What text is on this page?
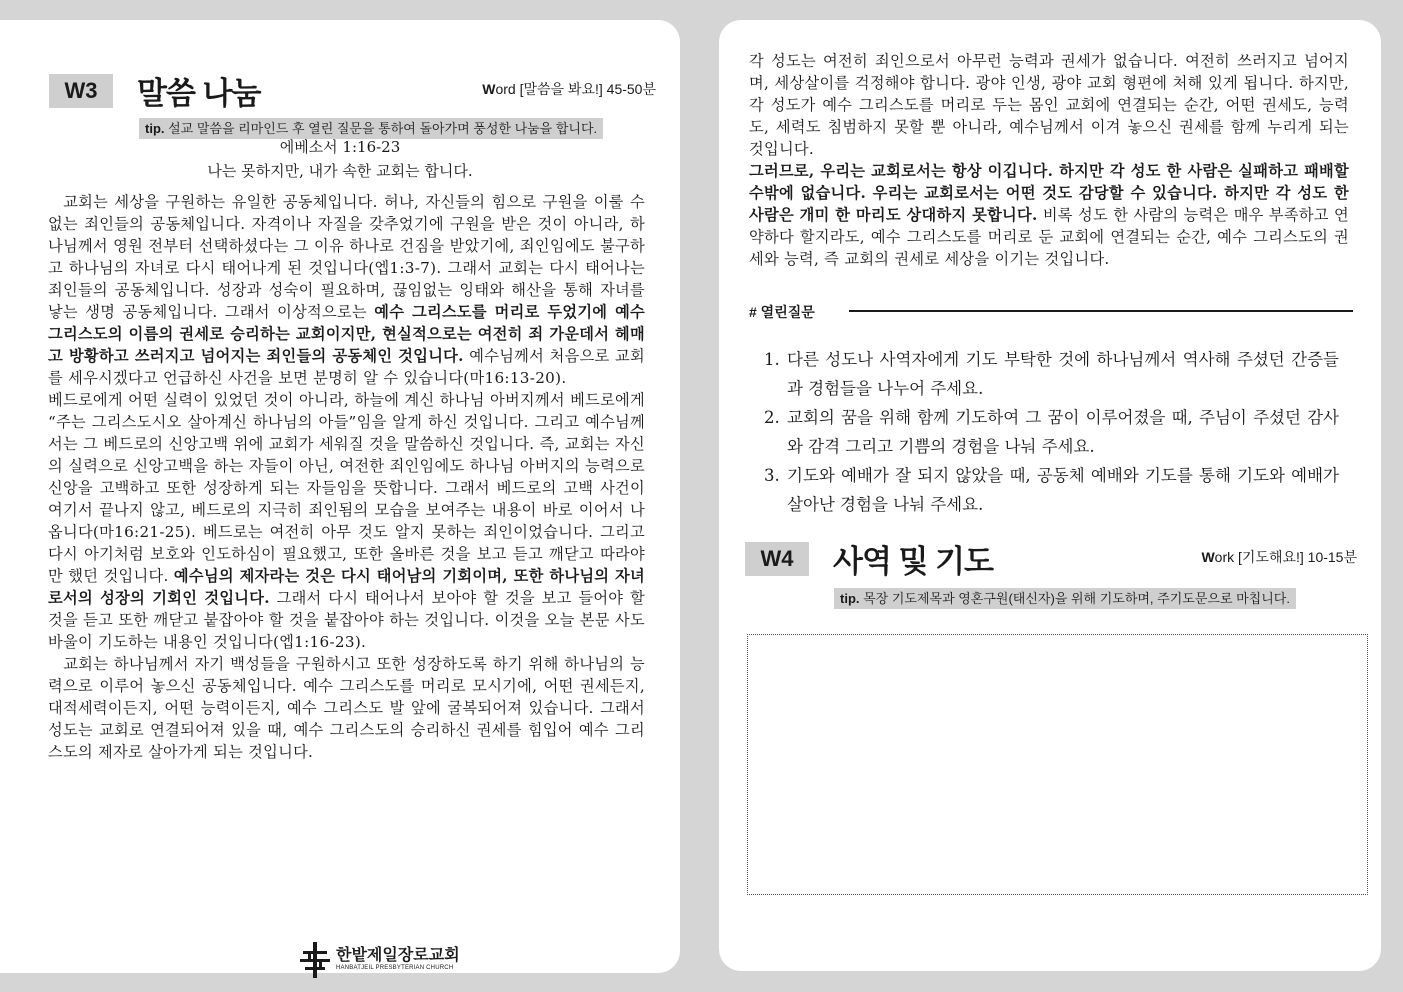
W3	말씀 나눔	Word [말씀을 봐요!] 45-50분
tip. 설교 말씀을 리마인드 후 열린 질문을 통하여 돌아가며 풍성한 나눔을 합니다.
에베소서 1:16-23
나는 못하지만, 내가 속한 교회는 합니다.

교회는 세상을 구원하는 유일한 공동체입니다. 허나, 자신들의 힘으로 구원을 이룰 수 없는 죄인들의 공동체입니다. 자격이나 자질을 갖추었기에 구원을 받은 것이 아니라, 하나님께서 영원 전부터 선택하셨다는 그 이유 하나로 건짐을 받았기에, 죄인임에도 불구하고 하나님의 자녀로 다시 태어나게 된 것입니다(엡1:3-7). 그래서 교회는 다시 태어나는 죄인들의 공동체입니다. 성장과 성숙이 필요하며, 끊임없는 잉태와 해산을 통해 자녀를 낳는 생명 공동체입니다. 그래서 이상적으로는 예수 그리스도를 머리로 두었기에 예수 그리스도의 이름의 권세로 승리하는 교회이지만, 현실적으로는 여전히 죄 가운데서 헤매고 방황하고 쓰러지고 넘어지는 죄인들의 공동체인 것입니다. 예수님께서 처음으로 교회를 세우시겠다고 언급하신 사건을 보면 분명히 알 수 있습니다(마16:13-20).

베드로에게 어떤 실력이 있었던 것이 아니라, 하늘에 계신 하나님 아버지께서 베드로에게 “주는 그리스도시오 살아계신 하나님의 아들”임을 알게 하신 것입니다. 그리고 예수님께서는 그 베드로의 신앙고백 위에 교회가 세워질 것을 말씀하신 것입니다. 즉, 교회는 자신의 실력으로 신앙고백을 하는 자들이 아닌, 여전한 죄인임에도 하나님 아버지의 능력으로 신앙을 고백하고 또한 성장하게 되는 자들임을 뜻합니다. 그래서 베드로의 고백 사건이 여기서 끝나지 않고, 베드로의 지극히 죄인됨의 모습을 보여주는 내용이 바로 이어서 나옵니다(마16:21-25). 베드로는 여전히 아무 것도 알지 못하는 죄인이었습니다. 그리고 다시 아기처럼 보호와 인도하심이 필요했고, 또한 올바른 것을 보고 듣고 깨닫고 따라야만 했던 것입니다. 예수님의 제자라는 것은 다시 태어남의 기회이며, 또한 하나님의 자녀로서의 성장의 기회인 것입니다. 그래서 다시 태어나서 보아야 할 것을 보고 들어야 할 것을 듣고 또한 깨닫고 붙잡아야 할 것을 붙잡아야 하는 것입니다. 이것을 오늘 본문 사도 바울이 기도하는 내용인 것입니다(엡1:16-23).

교회는 하나님께서 자기 백성들을 구원하시고 또한 성장하도록 하기 위해 하나님의 능력으로 이루어 놓으신 공동체입니다. 예수 그리스도를 머리로 모시기에, 어떤 권세든지, 대적세력이든지, 어떤 능력이든지, 예수 그리스도 발 앞에 굴복되어져 있습니다. 그래서 성도는 교회로 연결되어져 있을 때, 예수 그리스도의 승리하신 권세를 힘입어 예수 그리스도의 제자로 살아가게 되는 것입니다.

한밭제일장로교회
HANBATJEIL PRESBYTERIAN CHURCH

각 성도는 여전히 죄인으로서 아무런 능력과 권세가 없습니다. 여전히 쓰러지고 넘어지며, 세상살이를 걱정해야 합니다. 광야 인생, 광야 교회 형편에 처해 있게 됩니다. 하지만, 각 성도가 예수 그리스도를 머리로 두는 몸인 교회에 연결되는 순간, 어떤 권세도, 능력도, 세력도 침범하지 못할 뿐 아니라, 예수님께서 이겨 놓으신 권세를 함께 누리게 되는 것입니다.

그러므로, 우리는 교회로서는 항상 이깁니다. 하지만 각 성도 한 사람은 실패하고 패배할 수밖에 없습니다. 우리는 교회로서는 어떤 것도 감당할 수 있습니다. 하지만 각 성도 한 사람은 개미 한 마리도 상대하지 못합니다. 비록 성도 한 사람의 능력은 매우 부족하고 연약하다 할지라도, 예수 그리스도를 머리로 둔 교회에 연결되는 순간, 예수 그리스도의 권세와 능력, 즉 교회의 권세로 세상을 이기는 것입니다.

# 열린질문
1. 다른 성도나 사역자에게 기도 부탁한 것에 하나님께서 역사해 주셨던 간증들과 경험들을 나누어 주세요.
2. 교회의 꿈을 위해 함께 기도하여 그 꿈이 이루어졌을 때, 주님이 주셨던 감사와 감격 그리고 기쁨의 경험을 나눠 주세요.
3. 기도와 예배가 잘 되지 않았을 때, 공동체 예배와 기도를 통해 기도와 예배가 살아난 경험을 나눠 주세요.
W4	사역 및 기도	Work [기도해요!] 10-15분
tip. 목장 기도제목과 영혼구원(태신자)을 위해 기도하며, 주기도문으로 마칩니다.
